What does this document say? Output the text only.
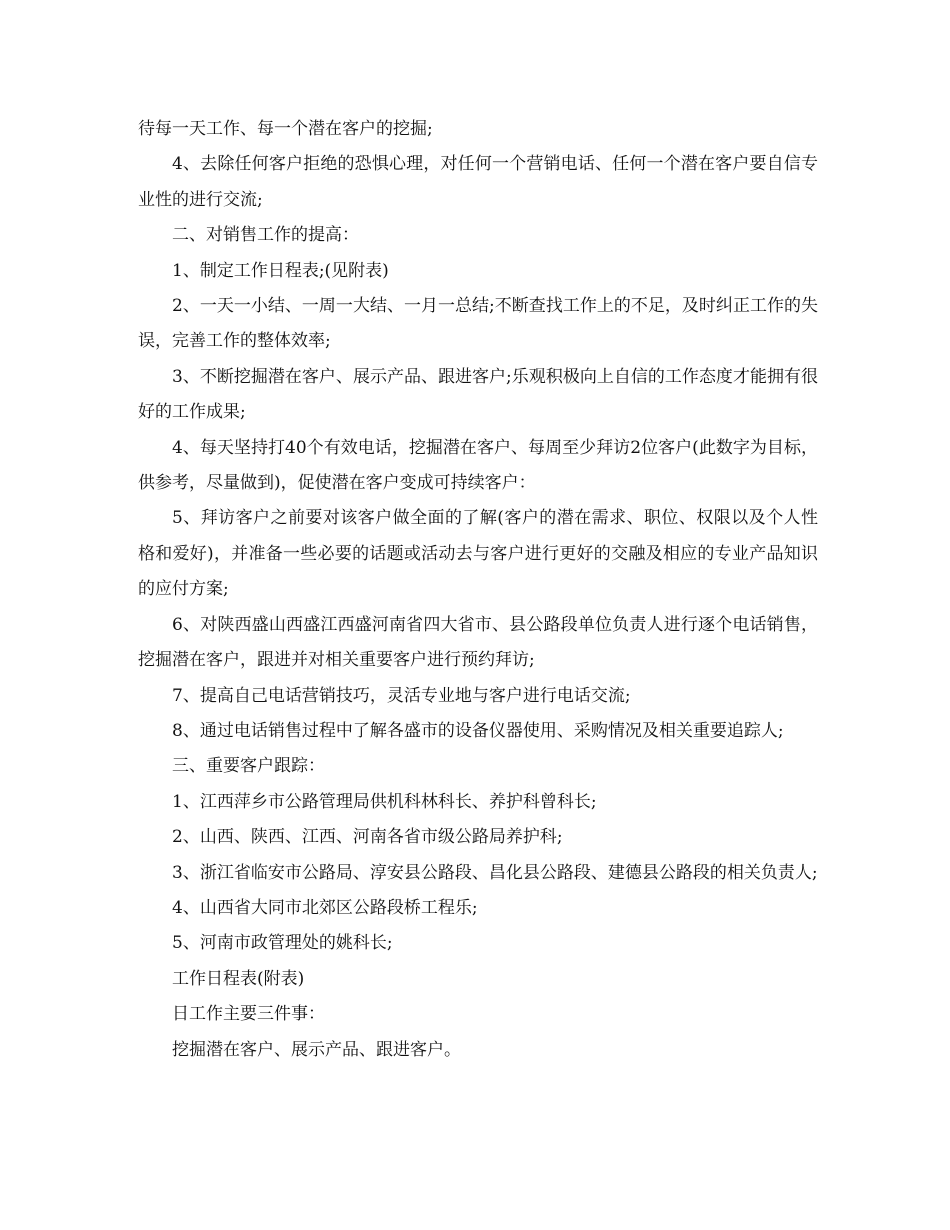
待每一天工作、每一个潜在客户的挖掘;

4、去除任何客户拒绝的恐惧心理，对任何一个营销电话、任何一个潜在客户要自信专业性的进行交流;

二、对销售工作的提高：

1、制定工作日程表;(见附表)

2、一天一小结、一周一大结、一月一总结;不断查找工作上的不足，及时纠正工作的失误，完善工作的整体效率;

3、不断挖掘潜在客户、展示产品、跟进客户;乐观积极向上自信的工作态度才能拥有很好的工作成果;

4、每天坚持打40个有效电话，挖掘潜在客户、每周至少拜访2位客户(此数字为目标，供参考，尽量做到)，促使潜在客户变成可持续客户：

5、拜访客户之前要对该客户做全面的了解(客户的潜在需求、职位、权限以及个人性格和爱好)，并准备一些必要的话题或活动去与客户进行更好的交融及相应的专业产品知识的应付方案;

6、对陕西盛山西盛江西盛河南省四大省市、县公路段单位负责人进行逐个电话销售，挖掘潜在客户，跟进并对相关重要客户进行预约拜访;

7、提高自己电话营销技巧，灵活专业地与客户进行电话交流;

8、通过电话销售过程中了解各盛市的设备仪器使用、采购情况及相关重要追踪人;

三、重要客户跟踪：

1、江西萍乡市公路管理局供机科林科长、养护科曾科长;

2、山西、陕西、江西、河南各省市级公路局养护科;

3、浙江省临安市公路局、淳安县公路段、昌化县公路段、建德县公路段的相关负责人;

4、山西省大同市北郊区公路段桥工程乐;

5、河南市政管理处的姚科长;

工作日程表(附表)

日工作主要三件事：

挖掘潜在客户、展示产品、跟进客户。
